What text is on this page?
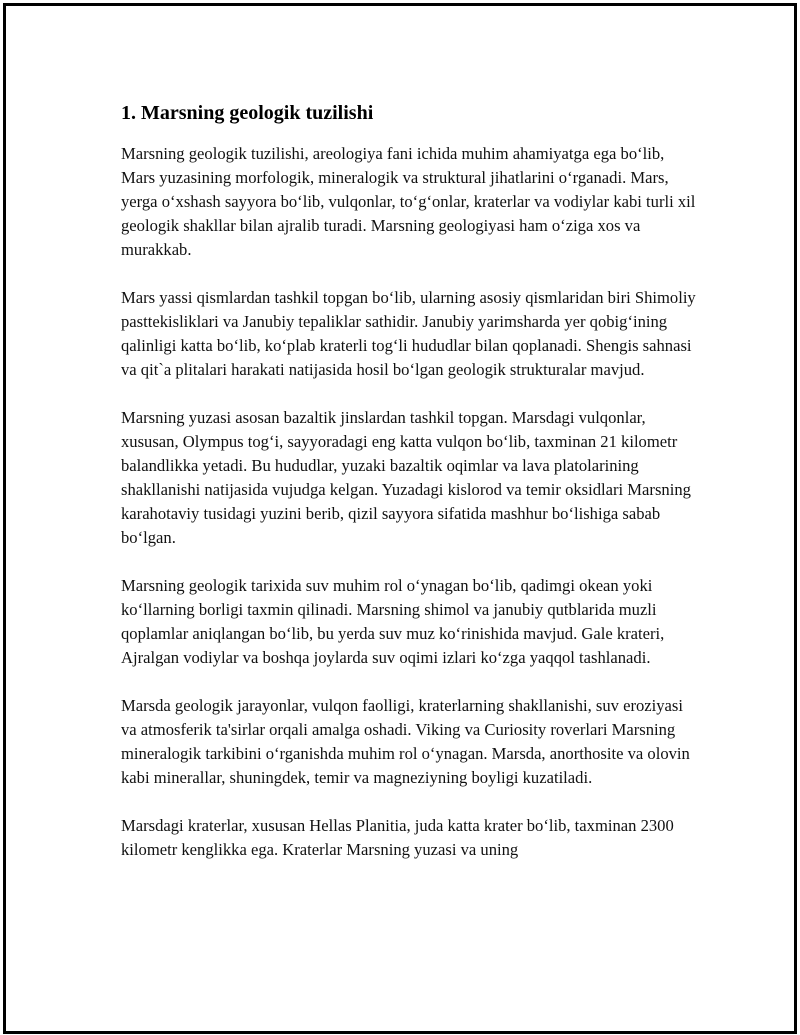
1. Marsning geologik tuzilishi

Marsning geologik tuzilishi, areologiya fani ichida muhim ahamiyatga ega bo‘lib, Mars yuzasining morfologik, mineralogik va struktural jihatlarini o‘rganadi. Mars, yerga o‘xshash sayyora bo‘lib, vulqonlar, to‘g‘onlar, kraterlar va vodiylar kabi turli xil geologik shakllar bilan ajralib turadi. Marsning geologiyasi ham o‘ziga xos va murakkab.

Mars yassi qismlardan tashkil topgan bo‘lib, ularning asosiy qismlaridan biri Shimoliy pasttekisliklari va Janubiy tepaliklar sathidir. Janubiy yarimsharda yer qobig‘ining qalinligi katta bo‘lib, ko‘plab kraterli tog‘li hududlar bilan qoplanadi. Shengis sahnasi va qit`a plitalari harakati natijasida hosil bo‘lgan geologik strukturalar mavjud.

Marsning yuzasi asosan bazaltik jinslardan tashkil topgan. Marsdagi vulqonlar, xususan, Olympus tog‘i, sayyoradagi eng katta vulqon bo‘lib, taxminan 21 kilometr balandlikka yetadi. Bu hududlar, yuzaki bazaltik oqimlar va lava platolarining shakllanishi natijasida vujudga kelgan. Yuzadagi kislorod va temir oksidlari Marsning karahotaviy tusidagi yuzini berib, qizil sayyora sifatida mashhur bo‘lishiga sabab bo‘lgan.

Marsning geologik tarixida suv muhim rol o‘ynagan bo‘lib, qadimgi okean yoki ko‘llarning borligi taxmin qilinadi. Marsning shimol va janubiy qutblarida muzli qoplamlar aniqlangan bo‘lib, bu yerda suv muz ko‘rinishida mavjud. Gale krateri, Ajralgan vodiylar va boshqa joylarda suv oqimi izlari ko‘zga yaqqol tashlanadi.

Marsda geologik jarayonlar, vulqon faolligi, kraterlarning shakllanishi, suv eroziyasi va atmosferik ta'sirlar orqali amalga oshadi. Viking va Curiosity roverlari Marsning mineralogik tarkibini o‘rganishda muhim rol o‘ynagan. Marsda, anorthosite va olovin kabi minerallar, shuningdek, temir va magneziyning boyligi kuzatiladi.

Marsdagi kraterlar, xususan Hellas Planitia, juda katta krater bo‘lib, taxminan 2300 kilometr kenglikka ega. Kraterlar Marsning yuzasi va uning
